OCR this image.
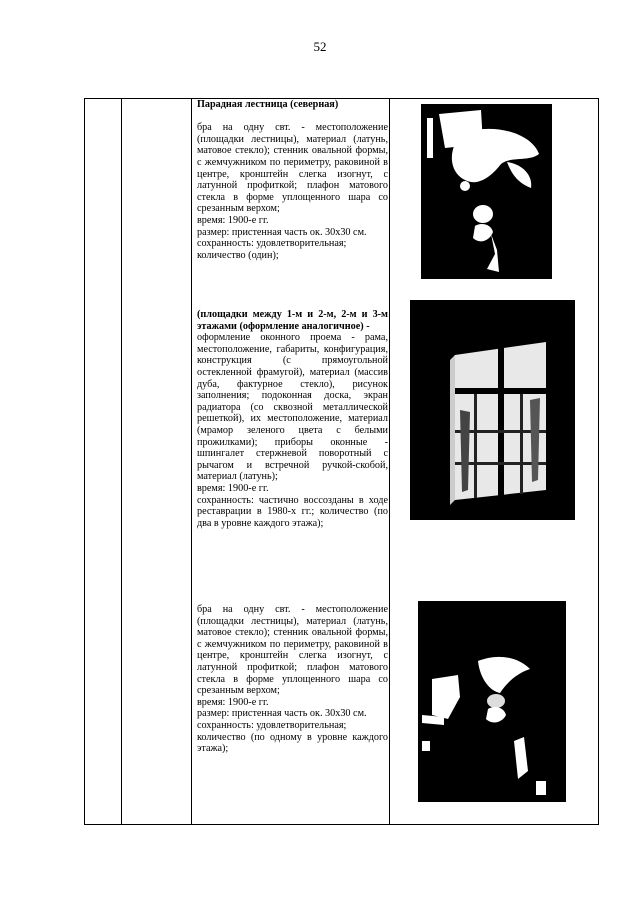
52

Парадная лестница (северная)

бра на одну свт. - местоположение (площадки лестницы), материал (латунь, матовое стекло); стенник овальной формы, с жемчужником по периметру, раковиной в центре, кронштейн слегка изогнут, с латунной профиткой; плафон матового стекла в форме уплощенного шара со срезанным верхом;

время: 1900-е гг.

размер: пристенная часть ок. 30х30 см.

сохранность: удовлетворительная;

количество (один);

(площадки между 1-м и 2-м, 2-м и 3-м этажами (оформление аналогичное) -

оформление оконного проема - рама, местоположение, габариты, конфигурация, конструкция (с прямоугольной остекленной фрамугой), материал (массив дуба, фактурное стекло), рисунок заполнения; подоконная доска, экран радиатора (со сквозной металлической решеткой), их местоположение, материал (мрамор зеленого цвета с белыми прожилками); приборы оконные - шпингалет стержневой поворотный с рычагом и встречной ручкой-скобой, материал (латунь);

время: 1900-е гг.

сохранность: частично воссозданы в ходе реставрации в 1980-х гг.; количество (по два в уровне каждого этажа);

бра на одну свт. - местоположение (площадки лестницы), материал (латунь, матовое стекло); стенник овальной формы, с жемчужником по периметру, раковиной в центре, кронштейн слегка изогнут, с латунной профиткой; плафон матового стекла в форме уплощенного шара со срезанным верхом;

время: 1900-е гг.

размер: пристенная часть ок. 30х30 см.

сохранность: удовлетворительная;

количество (по одному в уровне каждого этажа);
